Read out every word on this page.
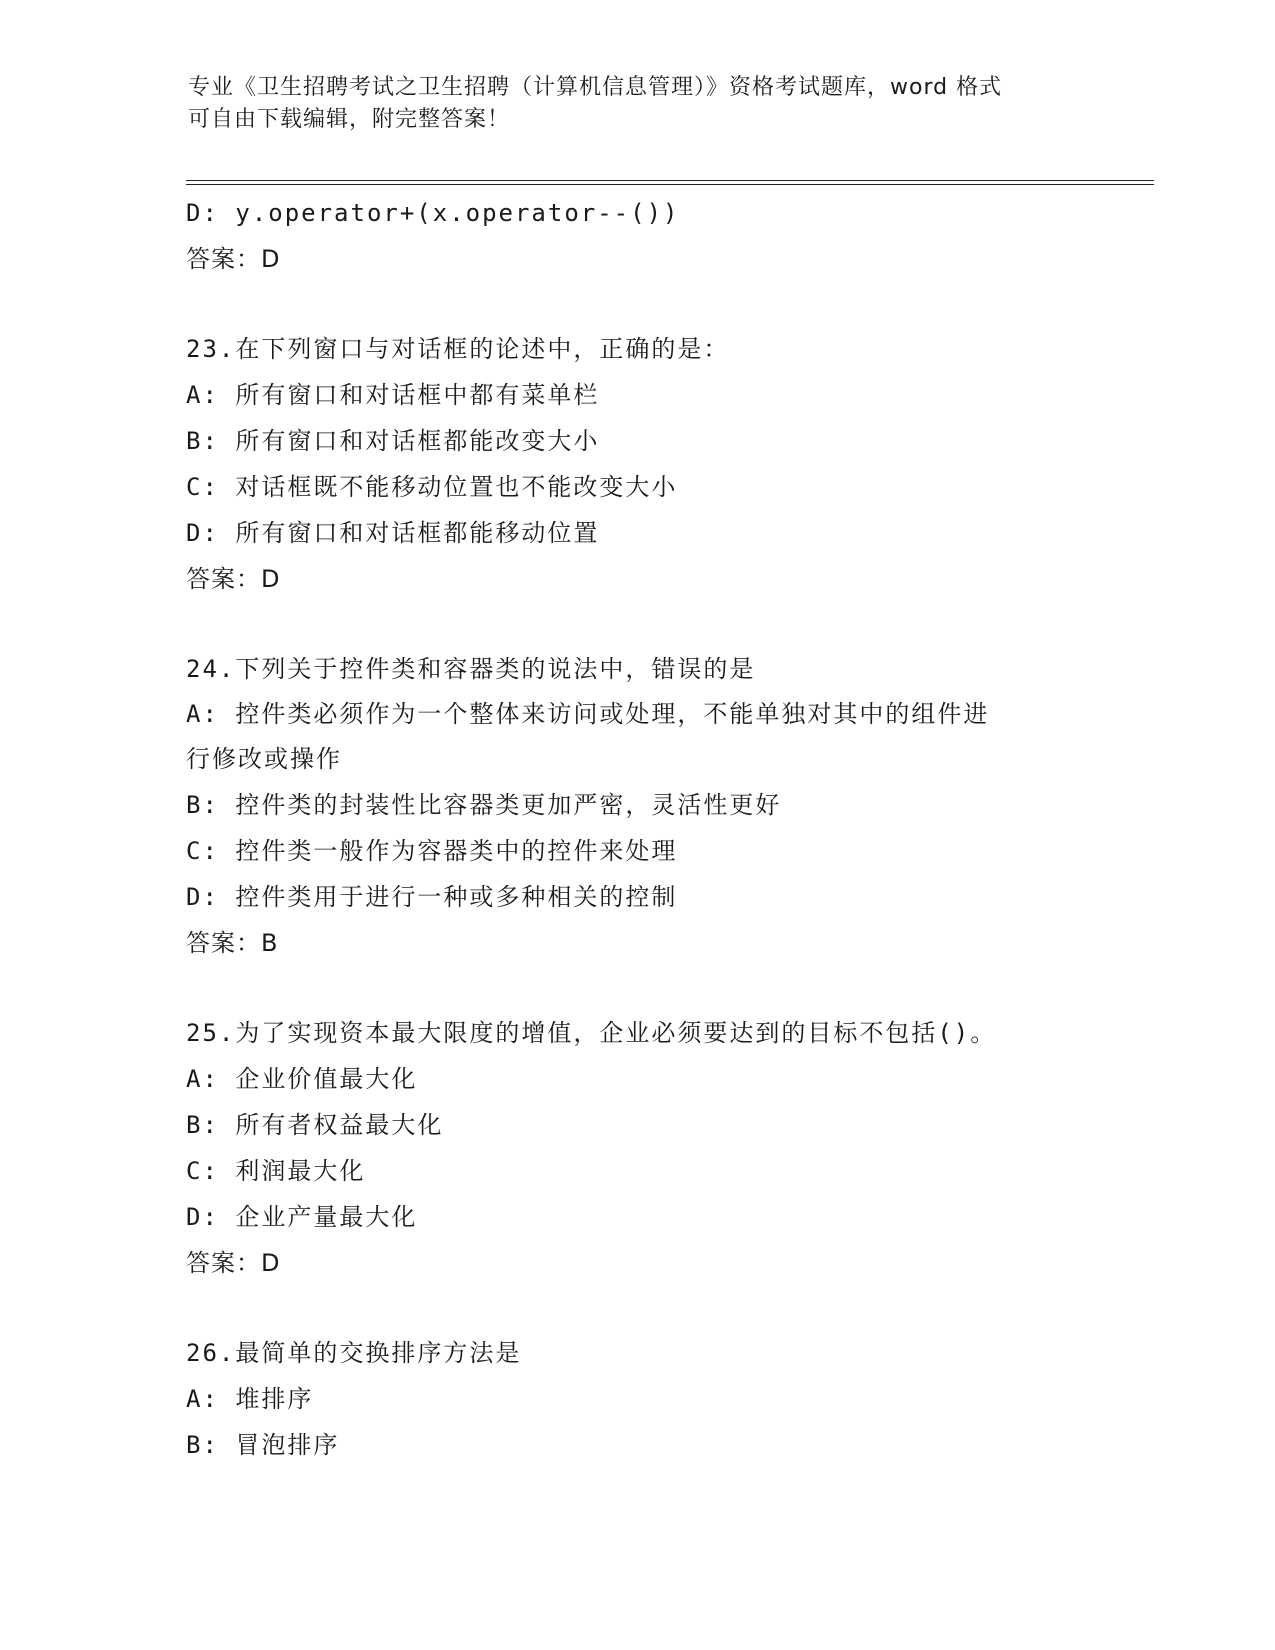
专业《卫生招聘考试之卫生招聘（计算机信息管理）》资格考试题库，word 格式
可自由下载编辑，附完整答案！
D: y.operator+(x.operator--())
答案：D
23.在下列窗口与对话框的论述中，正确的是：
A: 所有窗口和对话框中都有菜单栏
B: 所有窗口和对话框都能改变大小
C: 对话框既不能移动位置也不能改变大小
D: 所有窗口和对话框都能移动位置
答案：D
24.下列关于控件类和容器类的说法中，错误的是
A: 控件类必须作为一个整体来访问或处理，不能单独对其中的组件进
行修改或操作
B: 控件类的封装性比容器类更加严密，灵活性更好
C: 控件类一般作为容器类中的控件来处理
D: 控件类用于进行一种或多种相关的控制
答案：B
25.为了实现资本最大限度的增值，企业必须要达到的目标不包括()。
A: 企业价值最大化
B: 所有者权益最大化
C: 利润最大化
D: 企业产量最大化
答案：D
26.最简单的交换排序方法是
A: 堆排序
B: 冒泡排序
